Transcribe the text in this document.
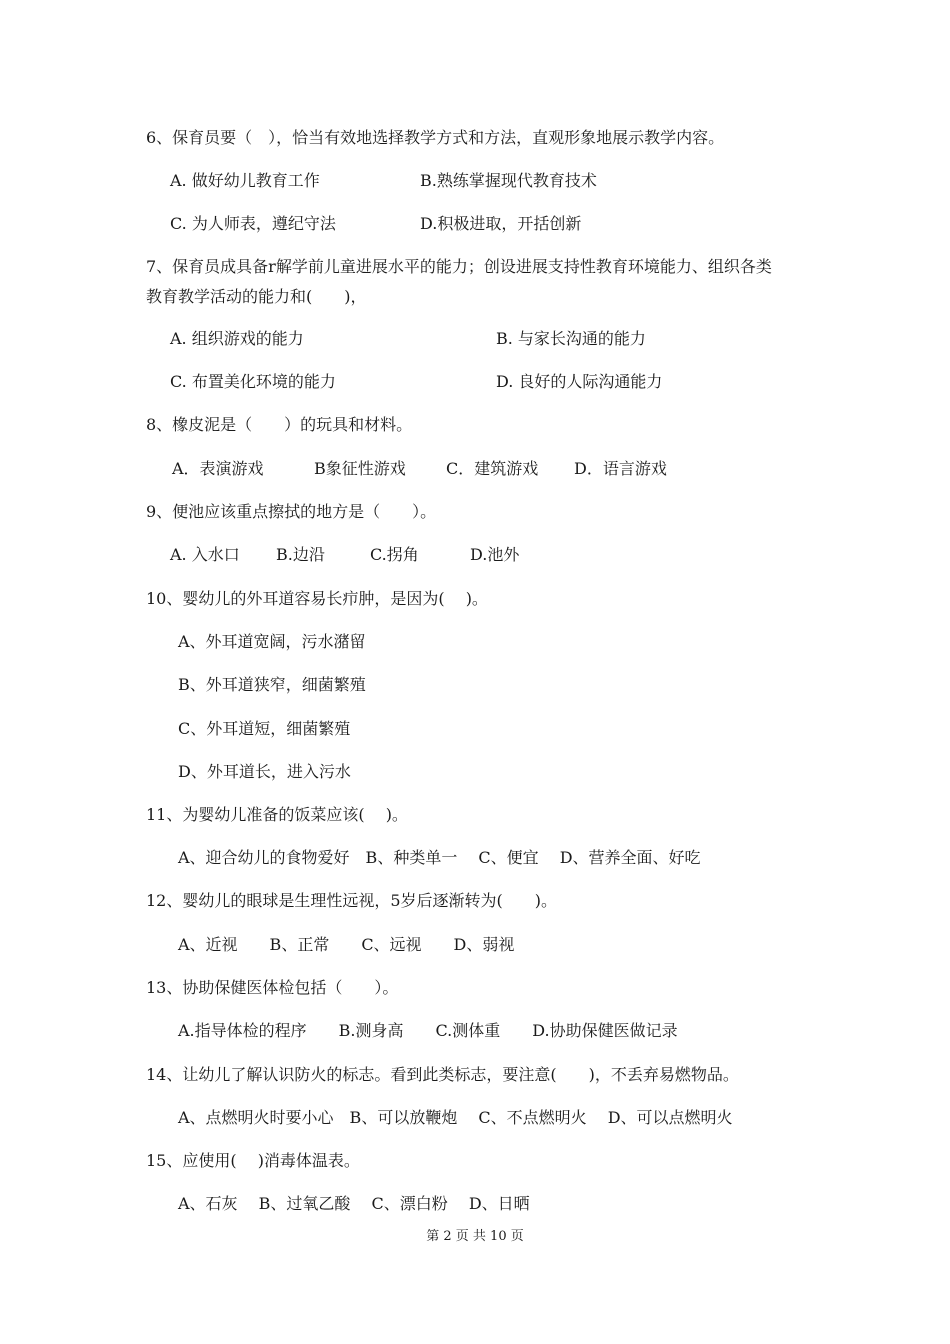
6、保育员要（　），恰当有效地选择教学方式和方法，直观形象地展示教学内容。
A. 做好幼儿教育工作	B.熟练掌握现代教育技术
C. 为人师表，遵纪守法	D.积极进取，开括创新
7、保育员成具备r解学前儿童进展水平的能力；创设进展支持性教育环境能力、组织各类
教育教学活动的能力和(　　)，
A. 组织游戏的能力	B. 与家长沟通的能力
C. 布置美化环境的能力	D. 良好的人际沟通能力
8、橡皮泥是（　　）的玩具和材料。
A．表演游戏	B象征性游戏	C．建筑游戏 D．语言游戏
9、便池应该重点擦拭的地方是（　　）。
A. 入水口 B.边沿	C.拐角	D.池外
10、婴幼儿的外耳道容易长疖肿，是因为(　 )。
A、外耳道宽阔，污水潴留
B、外耳道狭窄，细菌繁殖
C、外耳道短，细菌繁殖
D、外耳道长，进入污水
11、为婴幼儿准备的饭菜应该(　 )。
A、迎合幼儿的食物爱好　B、种类单一　 C、便宜　 D、营养全面、好吃
12、婴幼儿的眼球是生理性远视，5岁后逐渐转为(　　)。
A、近视　　B、正常　　C、远视　　D、弱视
13、协助保健医体检包括（　　）。
A.指导体检的程序　　B.测身高　　C.测体重　　D.协助保健医做记录
14、让幼儿了解认识防火的标志。看到此类标志，要注意(　　)，不丢弃易燃物品。
A、点燃明火时要小心　B、可以放鞭炮　 C、不点燃明火　 D、可以点燃明火
15、应使用(　 )消毒体温表。
A、石灰　 B、过氧乙酸　 C、漂白粉　 D、日晒
第 2 页 共 10 页
